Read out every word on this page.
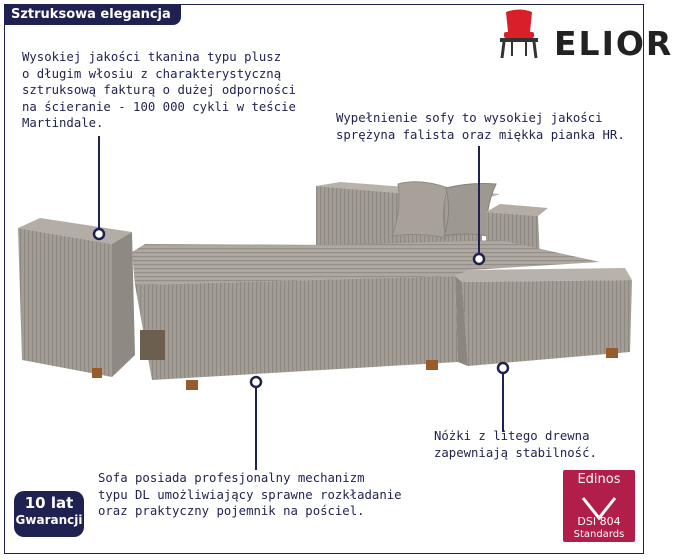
Sztruksowa elegancja
ELIOR
Wysokiej jakości tkanina typu plusz
o długim włosiu z charakterystyczną
sztruksową fakturą o dużej odporności
na ścieranie - 100 000 cykli w teście
Martindale.	Wypełnienie sofy to wysokiej jakości
sprężyna falista oraz miękka pianka HR.
Nóżki z litego drewna
zapewniają stabilność.
Sofa posiada profesjonalny mechanizm
typu DL umożliwiający sprawne rozkładanie
oraz praktyczny pojemnik na pościel.
10 lat
Gwarancji
Edinos
DSI 804
Standards
